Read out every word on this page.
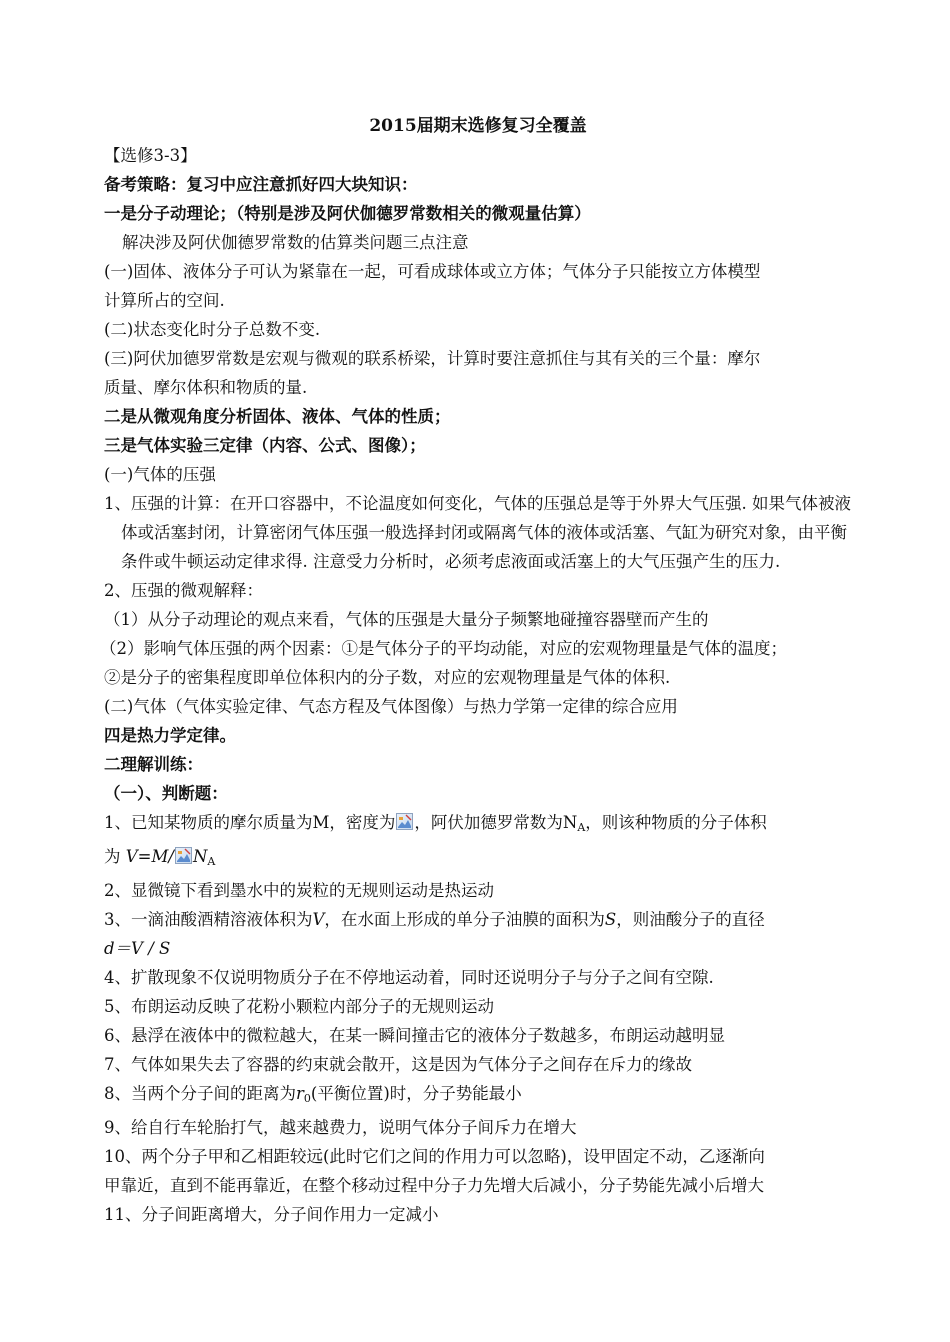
2015届期末选修复习全覆盖
【选修3-3】
备考策略：复习中应注意抓好四大块知识：
一是分子动理论；（特别是涉及阿伏伽德罗常数相关的微观量估算）
解决涉及阿伏伽德罗常数的估算类问题三点注意
(一)固体、液体分子可认为紧靠在一起，可看成球体或立方体；气体分子只能按立方体模型
计算所占的空间.
(二)状态变化时分子总数不变.
(三)阿伏加德罗常数是宏观与微观的联系桥梁，计算时要注意抓住与其有关的三个量：摩尔
质量、摩尔体积和物质的量.
二是从微观角度分析固体、液体、气体的性质；
三是气体实验三定律（内容、公式、图像）；
(一)气体的压强
1、压强的计算：在开口容器中，不论温度如何变化，气体的压强总是等于外界大气压强. 如果气体被液体或活塞封闭，计算密闭气体压强一般选择封闭或隔离气体的液体或活塞、气缸为研究对象，由平衡条件或牛顿运动定律求得. 注意受力分析时，必须考虑液面或活塞上的大气压强产生的压力.
2、压强的微观解释：
（1）从分子动理论的观点来看，气体的压强是大量分子频繁地碰撞容器壁而产生的
（2）影响气体压强的两个因素：①是气体分子的平均动能，对应的宏观物理量是气体的温度；
②是分子的密集程度即单位体积内的分子数，对应的宏观物理量是气体的体积.
(二)气体（气体实验定律、气态方程及气体图像）与热力学第一定律的综合应用
四是热力学定律。
二理解训练：
（一）、判断题：
1、已知某物质的摩尔质量为M，密度为 ，阿伏加德罗常数为$N_A$，则该种物质的分子体积
为 V=M/ $N_A$
2、显微镜下看到墨水中的炭粒的无规则运动是热运动
3、一滴油酸酒精溶液体积为V，在水面上形成的单分子油膜的面积为S，则油酸分子的直径
d＝V / S
4、扩散现象不仅说明物质分子在不停地运动着，同时还说明分子与分子之间有空隙.
5、布朗运动反映了花粉小颗粒内部分子的无规则运动
6、悬浮在液体中的微粒越大，在某一瞬间撞击它的液体分子数越多，布朗运动越明显
7、气体如果失去了容器的约束就会散开，这是因为气体分子之间存在斥力的缘故
8、当两个分子间的距离为$r_0$(平衡位置)时，分子势能最小
9、给自行车轮胎打气，越来越费力，说明气体分子间斥力在增大
10、两个分子甲和乙相距较远(此时它们之间的作用力可以忽略)，设甲固定不动，乙逐渐向
甲靠近，直到不能再靠近，在整个移动过程中分子力先增大后减小，分子势能先减小后增大
11、分子间距离增大，分子间作用力一定减小
